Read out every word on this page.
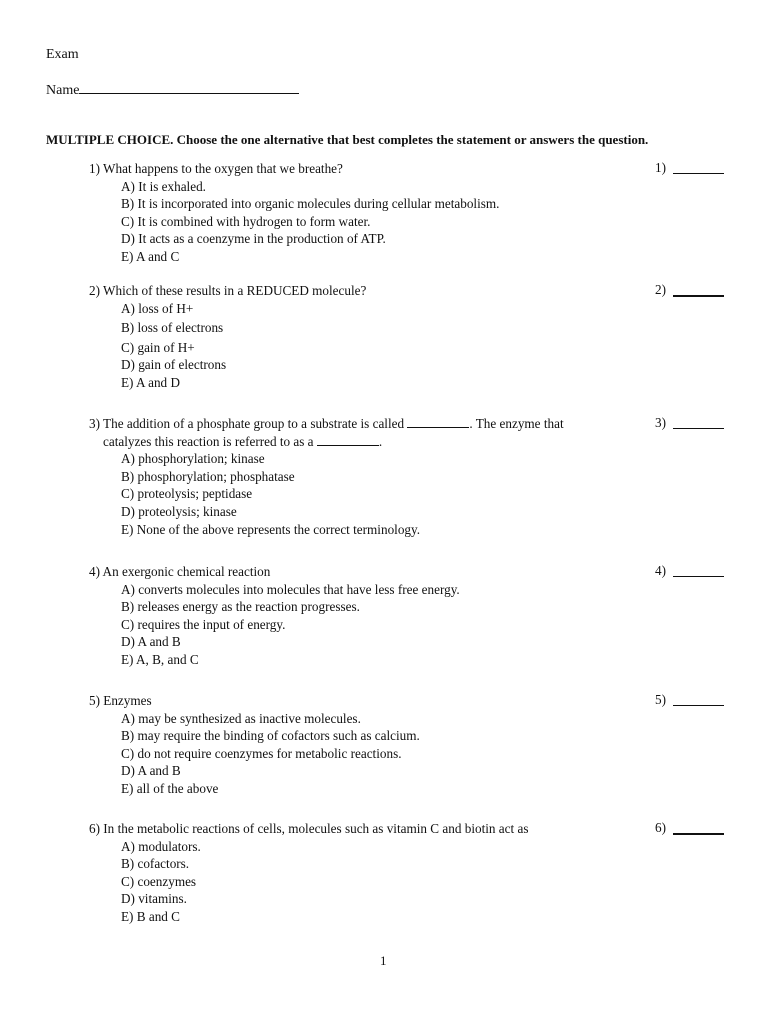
Exam
Name
MULTIPLE CHOICE. Choose the one alternative that best completes the statement or answers the question.
1) What happens to the oxygen that we breathe?
A) It is exhaled.
B) It is incorporated into organic molecules during cellular metabolism.
C) It is combined with hydrogen to form water.
D) It acts as a coenzyme in the production of ATP.
E) A and C
1)
2) Which of these results in a REDUCED molecule?
A) loss of H+
B) loss of electrons
C) gain of H+
D) gain of electrons
E) A and D
2)
3) The addition of a phosphate group to a substrate is called	. The enzyme that
catalyzes this reaction is referred to as a	.
A) phosphorylation; kinase
B) phosphorylation; phosphatase
C) proteolysis; peptidase
D) proteolysis; kinase
E) None of the above represents the correct terminology.
3)
4) An exergonic chemical reaction
A) converts molecules into molecules that have less free energy.
B) releases energy as the reaction progresses.
C) requires the input of energy.
D) A and B
E) A, B, and C
4)
5) Enzymes
A) may be synthesized as inactive molecules.
B) may require the binding of cofactors such as calcium.
C) do not require coenzymes for metabolic reactions.
D) A and B
E) all of the above
5)
6) In the metabolic reactions of cells, molecules such as vitamin C and biotin act as
A) modulators.
B) cofactors.
C) coenzymes
D) vitamins.
E) B and C
6)
1
